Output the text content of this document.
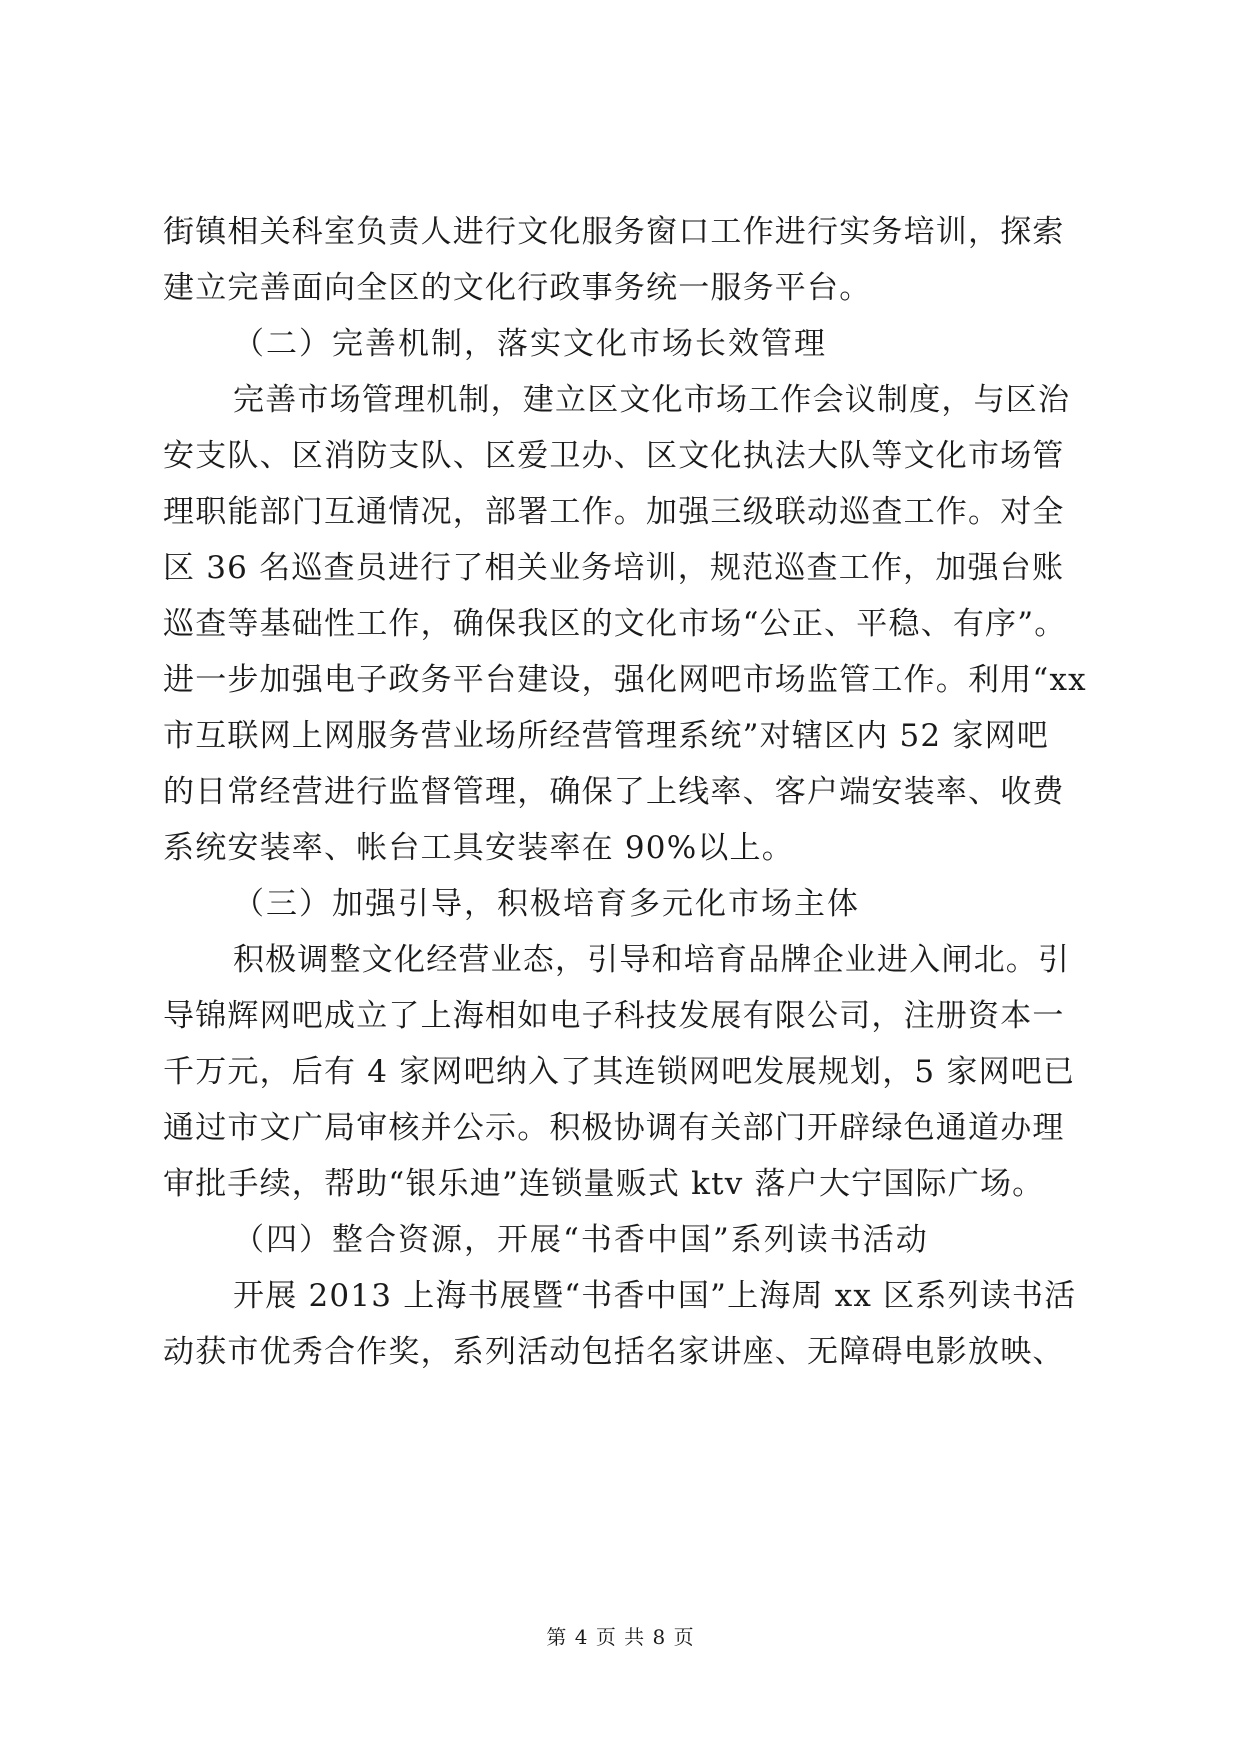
街镇相关科室负责人进行文化服务窗口工作进行实务培训，探索
建立完善面向全区的文化行政事务统一服务平台。
（二）完善机制，落实文化市场长效管理
完善市场管理机制，建立区文化市场工作会议制度，与区治
安支队、区消防支队、区爱卫办、区文化执法大队等文化市场管
理职能部门互通情况，部署工作。加强三级联动巡查工作。对全
区 36 名巡查员进行了相关业务培训，规范巡查工作，加强台账
巡查等基础性工作，确保我区的文化市场“公正、平稳、有序”。
进一步加强电子政务平台建设，强化网吧市场监管工作。利用“xx
市互联网上网服务营业场所经营管理系统”对辖区内 52 家网吧
的日常经营进行监督管理，确保了上线率、客户端安装率、收费
系统安装率、帐台工具安装率在 90%以上。
（三）加强引导，积极培育多元化市场主体
积极调整文化经营业态，引导和培育品牌企业进入闸北。引
导锦辉网吧成立了上海相如电子科技发展有限公司，注册资本一
千万元，后有 4 家网吧纳入了其连锁网吧发展规划，5 家网吧已
通过市文广局审核并公示。积极协调有关部门开辟绿色通道办理
审批手续，帮助“银乐迪”连锁量贩式 ktv 落户大宁国际广场。
（四）整合资源，开展“书香中国”系列读书活动
开展 2013 上海书展暨“书香中国”上海周 xx 区系列读书活
动获市优秀合作奖，系列活动包括名家讲座、无障碍电影放映、
第 4 页 共 8 页
